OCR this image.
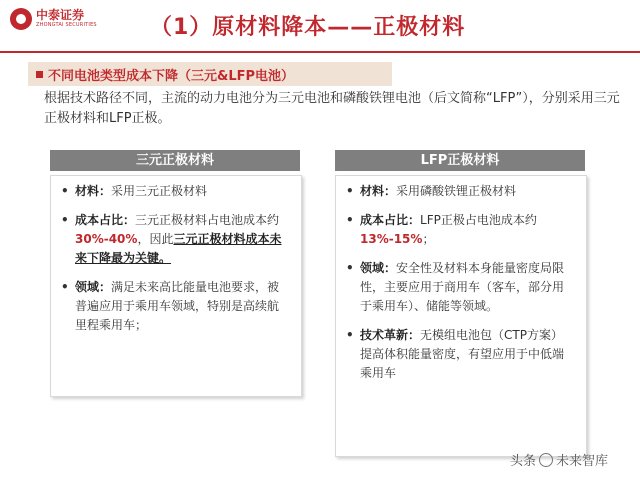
中泰证券
ZHONGTAI SECURITIES （1）原材料降本——正极材料
不同电池类型成本下降（三元&LFP电池）
根据技术路径不同，主流的动力电池分为三元电池和磷酸铁锂电池（后文简称“LFP”），分别采用三元正极材料和LFP正极。
三元正极材料
• 材料：采用三元正极材料
• 成本占比：三元正极材料占电池成本约30%-40%，因此三元正极材料成本未来下降最为关键。
• 领域：满足未来高比能量电池要求，被普遍应用于乘用车领域，特别是高续航里程乘用车；
LFP正极材料
• 材料：采用磷酸铁锂正极材料
• 成本占比：LFP正极占电池成本约13%-15%；
• 领域：安全性及材料本身能量密度局限性，主要应用于商用车（客车，部分用于乘用车）、储能等领域。
• 技术革新：无模组电池包（CTP方案）提高体积能量密度，有望应用于中低端乘用车
头条 未来智库
